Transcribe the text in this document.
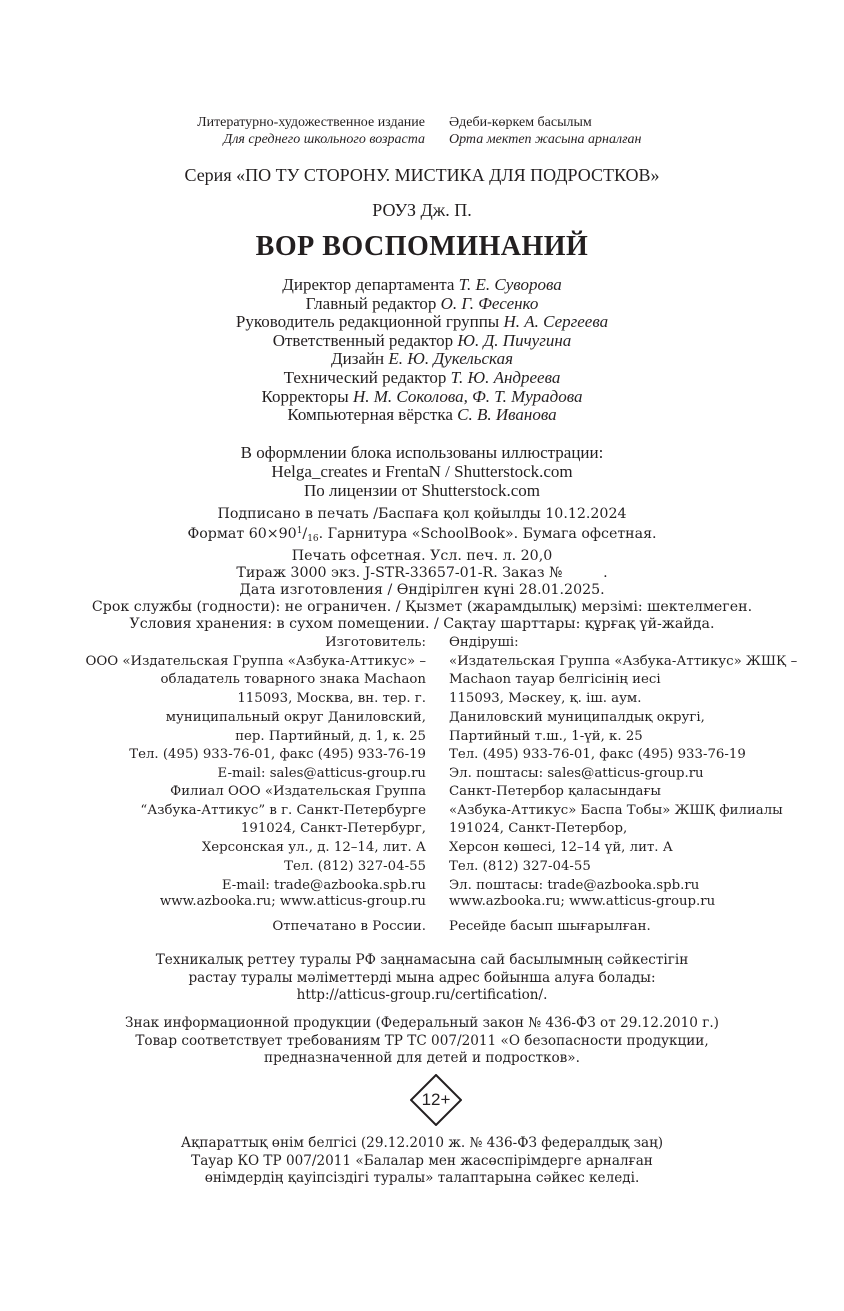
Литературно-художественное издание
Для среднего школьного возраста
Әдеби-көркем басылым
Орта мектеп жасына арналған
Серия «ПО ТУ СТОРОНУ. МИСТИКА ДЛЯ ПОДРОСТКОВ»
РОУЗ Дж. П.
ВОР ВОСПОМИНАНИЙ
Директор департамента Т. Е. Суворова
Главный редактор О. Г. Фесенко
Руководитель редакционной группы Н. А. Сергеева
Ответственный редактор Ю. Д. Пичугина
Дизайн Е. Ю. Дукельская
Технический редактор Т. Ю. Андреева
Корректоры Н. М. Соколова, Ф. Т. Мурадова
Компьютерная вёрстка С. В. Иванова
В оформлении блока использованы иллюстрации:
Helga_creates и FrentaN / Shutterstock.com
По лицензии от Shutterstock.com
Подписано в печать /Баспаға қол қойылды 10.12.2024
Формат $60\times 90^1/_{16}$. Гарнитура «SchoolBook». Бумага офсетная.
Печать офсетная. Усл. печ. л. 20,0
Тираж 3000 экз. J-STR-33657-01-R. Заказ №         .
Дата изготовления / Өндірілген күні 28.01.2025.
Срок службы (годности): не ограничен. / Қызмет (жарамдылық) мерзімі: шектелмеген.
Условия хранения: в сухом помещении. / Сақтау шарттары: құрғақ үй-жайда.
Изготовитель:
ООО «Издательская Группа «Азбука-Аттикус» –
обладатель товарного знака Machaon
115093, Москва, вн. тер. г.
муниципальный округ Даниловский,
пер. Партийный, д. 1, к. 25
Тел. (495) 933-76-01, факс (495) 933-76-19
E-mail: sales@atticus-group.ru
Өндіруші:
«Издательская Группа «Азбука-Аттикус» ЖШҚ –
Machaon тауар белгісінің иесі
115093, Мәскеу, қ. іш. аум.
Даниловский муниципалдық округі,
Партийный т.ш., 1-үй, к. 25
Тел. (495) 933-76-01, факс (495) 933-76-19
Эл. поштасы: sales@atticus-group.ru
Филиал ООО «Издательская Группа
“Азбука-Аттикус” в г. Санкт-Петербурге
191024, Санкт-Петербург,
Херсонская ул., д. 12–14, лит. А
Тел. (812) 327-04-55
E-mail: trade@azbooka.spb.ru
Санкт-Петербор қаласындағы
«Азбука-Аттикус» Баспа Тобы» ЖШҚ филиалы
191024, Санкт-Петербор,
Херсон көшесі, 12–14 үй, лит. А
Тел. (812) 327-04-55
Эл. поштасы: trade@azbooka.spb.ru
www.azbooka.ru; www.atticus-group.ru www.azbooka.ru; www.atticus-group.ru
Отпечатано в России. Ресейде басып шығарылған.
Техникалық реттеу туралы РФ заңнамасына сай басылымның сәйкестігін
растау туралы мәліметтерді мына адрес бойынша алуға болады:
http://atticus-group.ru/certification/.
Знак информационной продукции (Федеральный закон № 436-ФЗ от 29.12.2010 г.)
Товар соответствует требованиям ТР ТС 007/2011 «О безопасности продукции,
предназначенной для детей и подростков».
12+
Ақпараттық өнім белгісі (29.12.2010 ж. № 436-ФЗ федералдық заң)
Тауар КО ТР 007/2011 «Балалар мен жасөспірімдерге арналған
өнімдердің қауіпсіздігі туралы» талаптарына сәйкес келеді.
